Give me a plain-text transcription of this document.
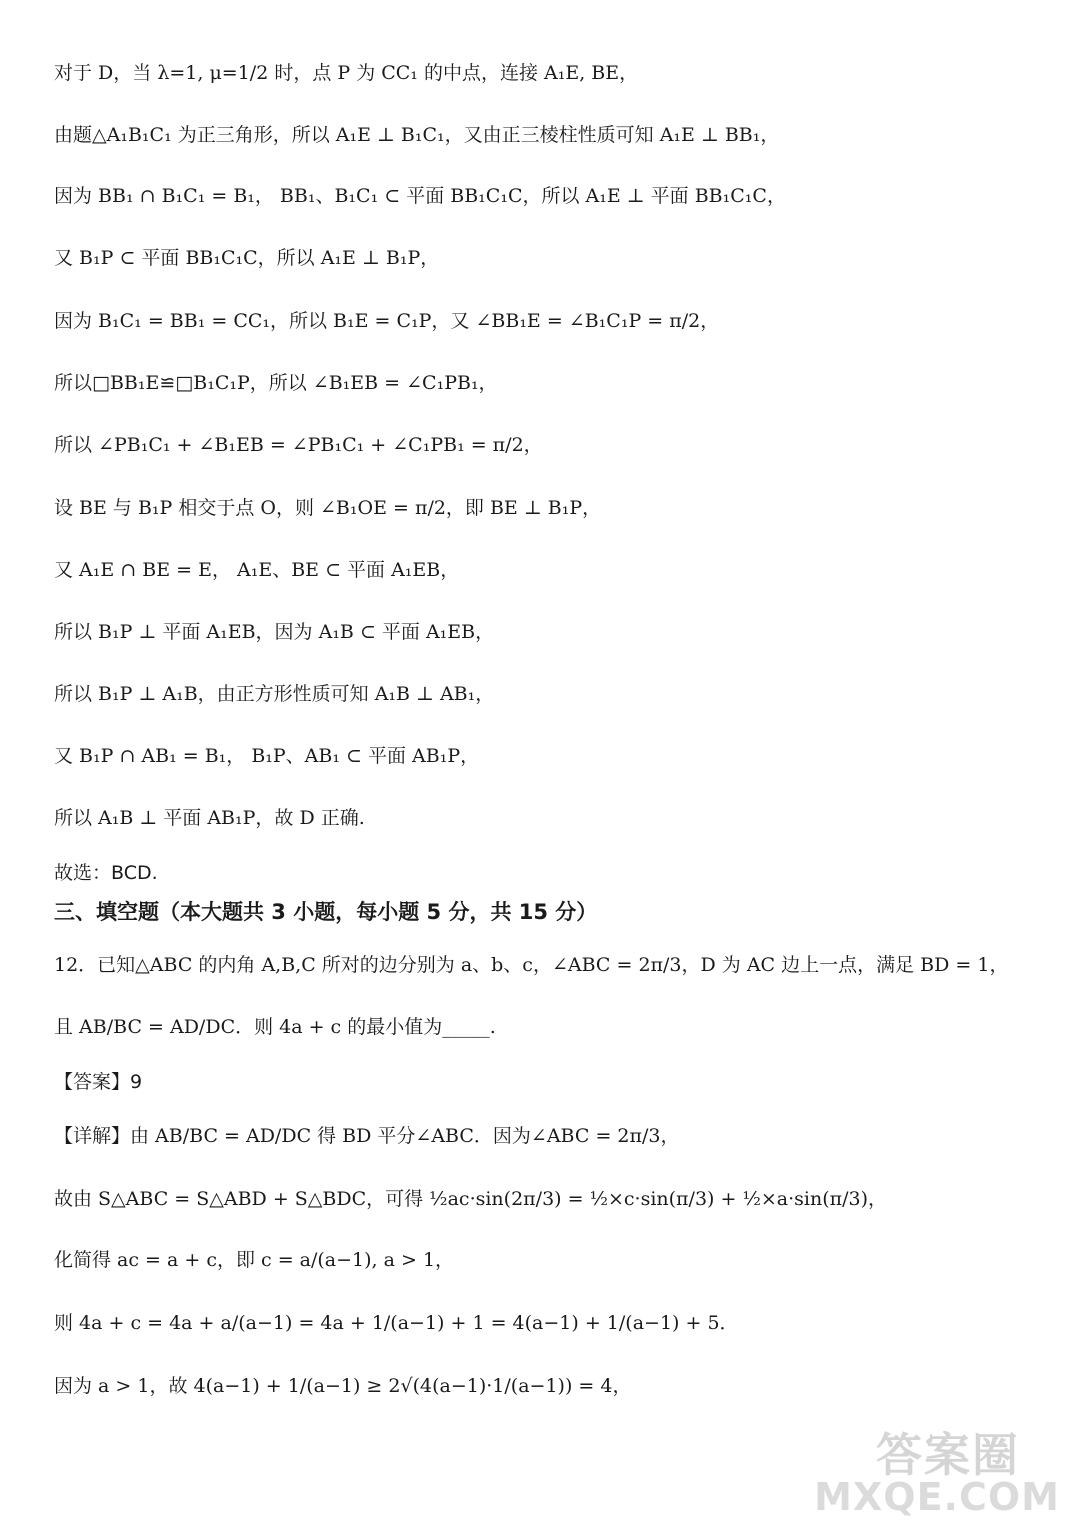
对于 D，当 λ=1, μ=1/2 时，点 P 为 CC₁ 的中点，连接 A₁E, BE，
由题△A₁B₁C₁ 为正三角形，所以 A₁E ⊥ B₁C₁，又由正三棱柱性质可知 A₁E ⊥ BB₁，
因为 BB₁ ∩ B₁C₁ = B₁， BB₁、B₁C₁ ⊂ 平面 BB₁C₁C，所以 A₁E ⊥ 平面 BB₁C₁C，
又 B₁P ⊂ 平面 BB₁C₁C，所以 A₁E ⊥ B₁P，
因为 B₁C₁ = BB₁ = CC₁，所以 B₁E = C₁P，又 ∠BB₁E = ∠B₁C₁P = π/2，
所以□BB₁E≌□B₁C₁P，所以 ∠B₁EB = ∠C₁PB₁，
所以 ∠PB₁C₁ + ∠B₁EB = ∠PB₁C₁ + ∠C₁PB₁ = π/2，
设 BE 与 B₁P 相交于点 O，则 ∠B₁OE = π/2，即 BE ⊥ B₁P，
又 A₁E ∩ BE = E， A₁E、BE ⊂ 平面 A₁EB，
所以 B₁P ⊥ 平面 A₁EB，因为 A₁B ⊂ 平面 A₁EB，
所以 B₁P ⊥ A₁B，由正方形性质可知 A₁B ⊥ AB₁，
又 B₁P ∩ AB₁ = B₁， B₁P、AB₁ ⊂ 平面 AB₁P，
所以 A₁B ⊥ 平面 AB₁P，故 D 正确.
故选：BCD.
三、填空题（本大题共 3 小题，每小题 5 分，共 15 分）
12．已知△ABC 的内角 A,B,C 所对的边分别为 a、b、c，∠ABC = 2π/3，D 为 AC 边上一点，满足 BD = 1，
且 AB/BC = AD/DC．则 4a + c 的最小值为_____.
【答案】9
【详解】由 AB/BC = AD/DC 得 BD 平分∠ABC．因为∠ABC = 2π/3，
故由 S△ABC = S△ABD + S△BDC，可得 ½ac·sin(2π/3) = ½×c·sin(π/3) + ½×a·sin(π/3)，
化简得 ac = a + c，即 c = a/(a−1), a > 1，
则 4a + c = 4a + a/(a−1) = 4a + 1/(a−1) + 1 = 4(a−1) + 1/(a−1) + 5．
因为 a > 1，故 4(a−1) + 1/(a−1) ≥ 2√(4(a−1)·1/(a−1)) = 4，
答案圈
MXQE.COM
